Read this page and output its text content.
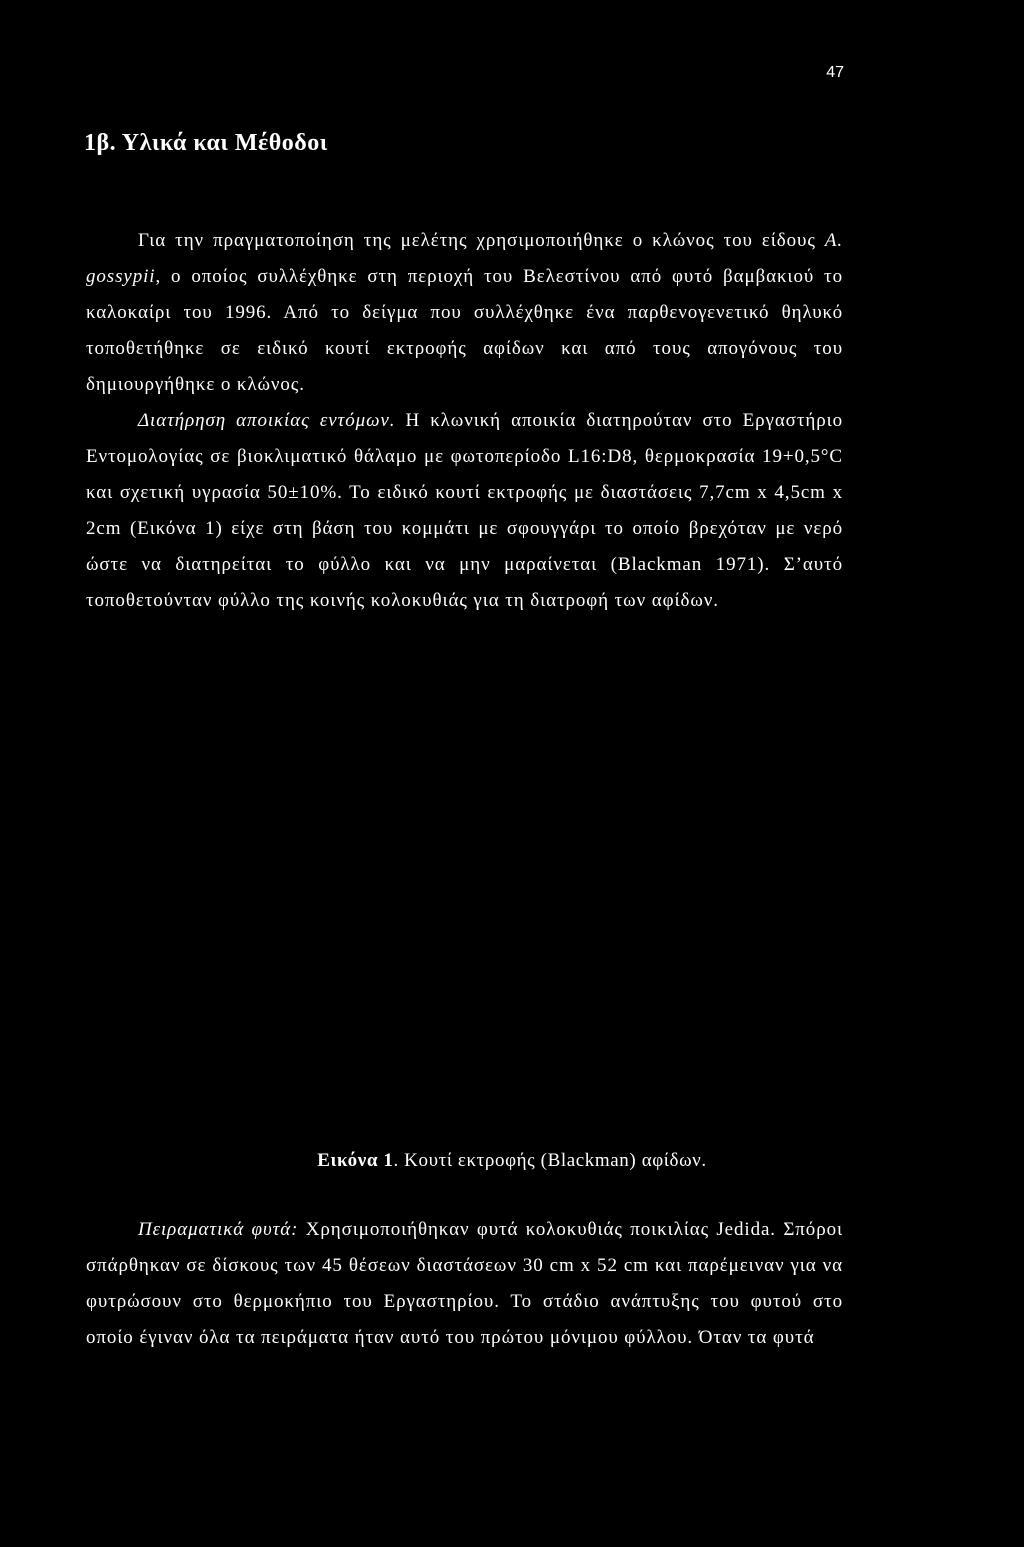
47
1β. Υλικά και Μέθοδοι
Για την πραγματοποίηση της μελέτης χρησιμοποιήθηκε ο κλώνος του είδους A. gossypii, ο οποίος συλλέχθηκε στη περιοχή του Βελεστίνου από φυτό βαμβακιού το καλοκαίρι του 1996. Από το δείγμα που συλλέχθηκε ένα παρθενογενετικό θηλυκό τοποθετήθηκε σε ειδικό κουτί εκτροφής αφίδων και από τους απογόνους του δημιουργήθηκε ο κλώνος.
Διατήρηση αποικίας εντόμων. Η κλωνική αποικία διατηρούταν στο Εργαστήριο Εντομολογίας σε βιοκλιματικό θάλαμο με φωτοπερίοδο L16:D8, θερμοκρασία 19+0,5°C και σχετική υγρασία 50±10%. Το ειδικό κουτί εκτροφής με διαστάσεις 7,7cm x 4,5cm x 2cm (Εικόνα 1) είχε στη βάση του κομμάτι με σφουγγάρι το οποίο βρεχόταν με νερό ώστε να διατηρείται το φύλλο και να μην μαραίνεται (Blackman 1971). Σ’αυτό τοποθετούνταν φύλλο της κοινής κολοκυθιάς για τη διατροφή των αφίδων.

Εικόνα 1. Κουτί εκτροφής (Blackman) αφίδων.

Πειραματικά φυτά: Χρησιμοποιήθηκαν φυτά κολοκυθιάς ποικιλίας Jedida. Σπόροι σπάρθηκαν σε δίσκους των 45 θέσεων διαστάσεων 30 cm x 52 cm και παρέμειναν για να φυτρώσουν στο θερμοκήπιο του Εργαστηρίου. Το στάδιο ανάπτυξης του φυτού στο οποίο έγιναν όλα τα πειράματα ήταν αυτό του πρώτου μόνιμου φύλλου. Όταν τα φυτά
